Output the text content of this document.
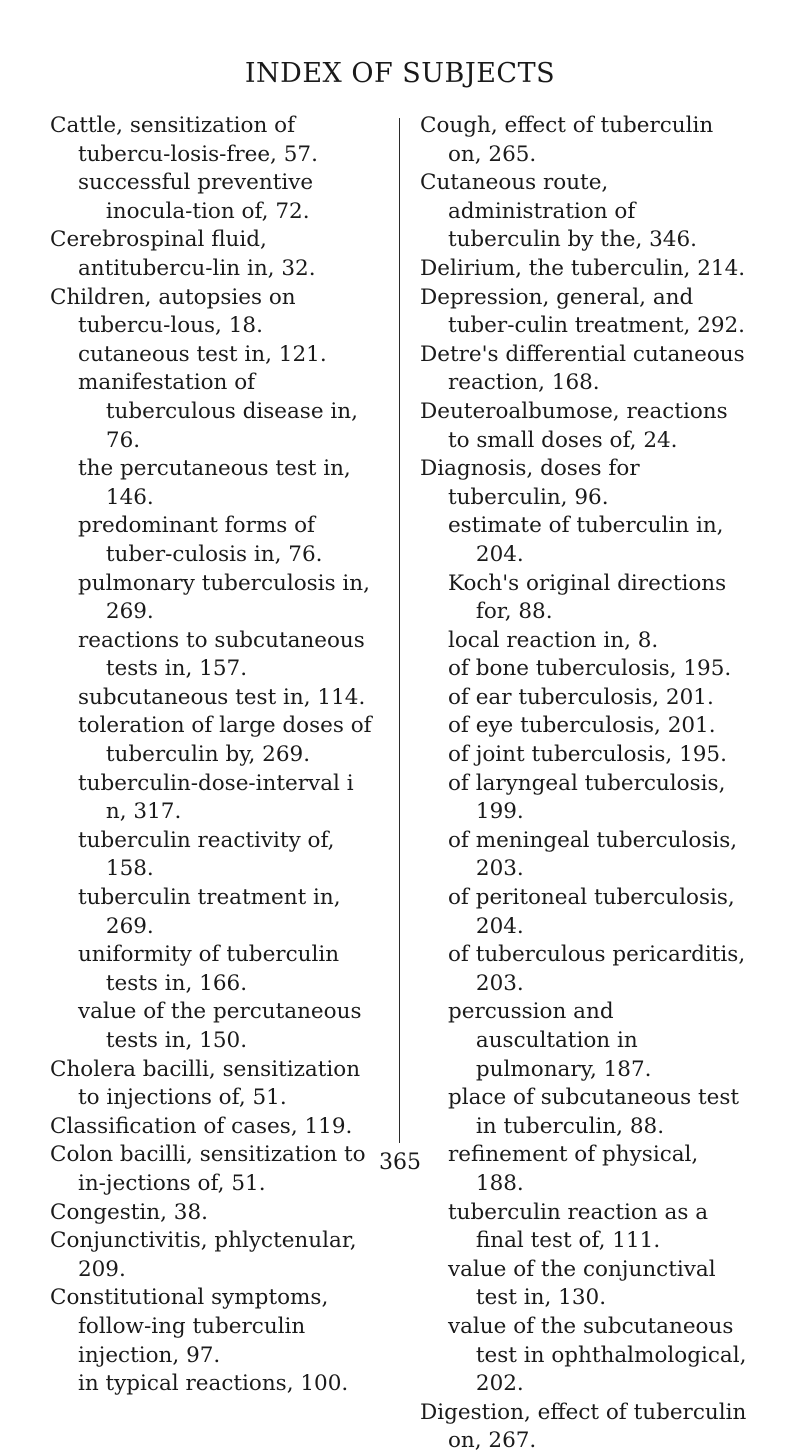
INDEX OF SUBJECTS

Cattle, sensitization of tubercu-losis-free, 57.

successful preventive inocula-tion of, 72.

Cerebrospinal fluid, antitubercu-lin in, 32.

Children, autopsies on tubercu-lous, 18.

cutaneous test in, 121.

manifestation of tuberculous disease in, 76.

the percutaneous test in, 146.

predominant forms of tuber-culosis in, 76.

pulmonary tuberculosis in, 269.

reactions to subcutaneous tests in, 157.

subcutaneous test in, 114.

toleration of large doses of tuberculin by, 269.

tuberculin-dose-interval i n, 317.

tuberculin reactivity of, 158.

tuberculin treatment in, 269.

uniformity of tuberculin tests in, 166.

value of the percutaneous tests in, 150.

Cholera bacilli, sensitization to injections of, 51.

Classification of cases, 119.

Colon bacilli, sensitization to in-jections of, 51.

Congestin, 38.

Conjunctivitis, phlyctenular, 209.

Constitutional symptoms, follow-ing tuberculin injection, 97.

in typical reactions, 100.

Cough, effect of tuberculin on, 265.

Cutaneous route, administration of tuberculin by the, 346.

Delirium, the tuberculin, 214.

Depression, general, and tuber-culin treatment, 292.

Detre's differential cutaneous reaction, 168.

Deuteroalbumose, reactions to small doses of, 24.

Diagnosis, doses for tuberculin, 96.

estimate of tuberculin in, 204.

Koch's original directions for, 88.

local reaction in, 8.

of bone tuberculosis, 195.

of ear tuberculosis, 201.

of eye tuberculosis, 201.

of joint tuberculosis, 195.

of laryngeal tuberculosis, 199.

of meningeal tuberculosis, 203.

of peritoneal tuberculosis, 204.

of tuberculous pericarditis, 203.

percussion and auscultation in pulmonary, 187.

place of subcutaneous test in tuberculin, 88.

refinement of physical, 188.

tuberculin reaction as a final test of, 111.

value of the conjunctival test in, 130.

value of the subcutaneous test in ophthalmological, 202.

Digestion, effect of tuberculin on, 267.

365
